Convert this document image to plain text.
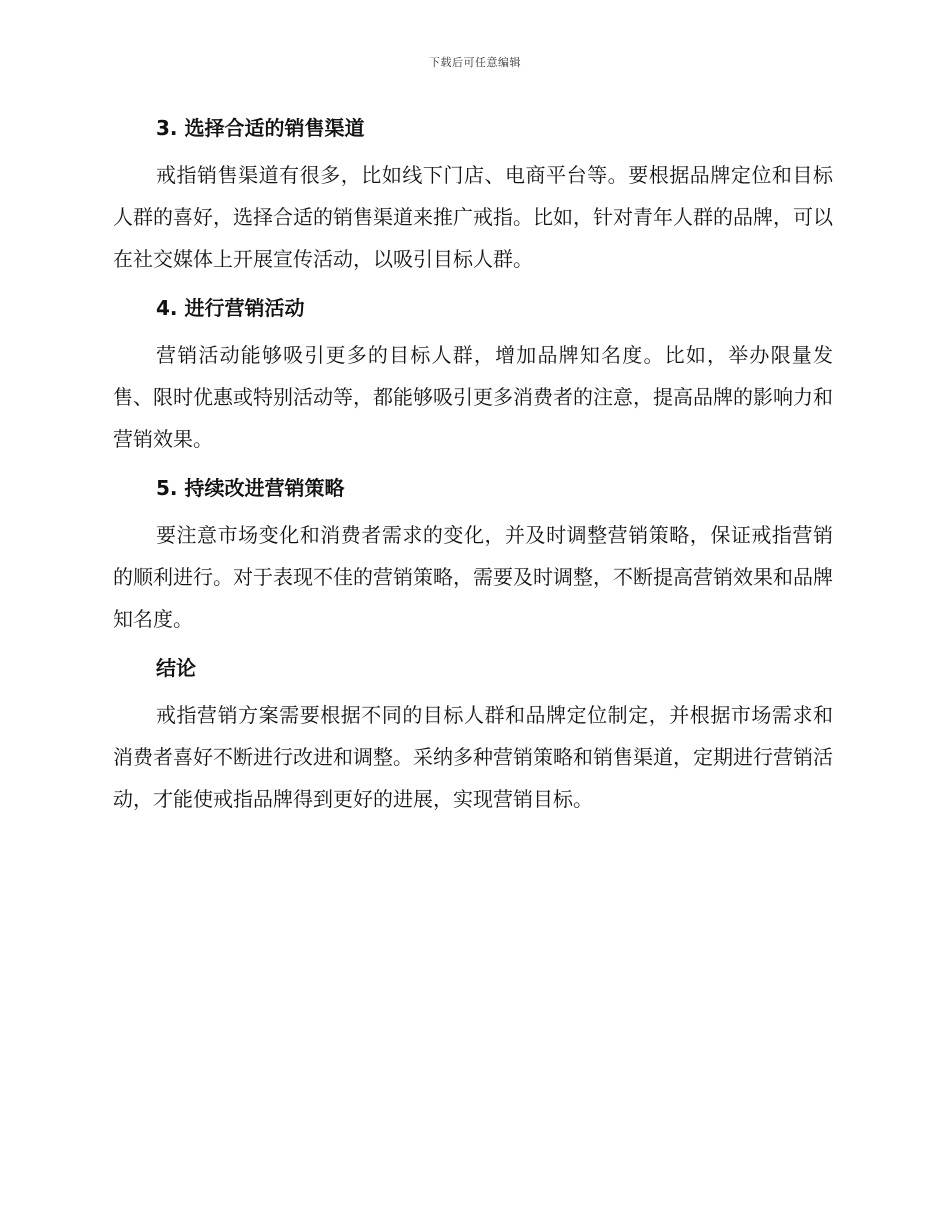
下载后可任意编辑
3. 选择合适的销售渠道

戒指销售渠道有很多，比如线下门店、电商平台等。要根据品牌定位和目标人群的喜好，选择合适的销售渠道来推广戒指。比如，针对青年人群的品牌，可以在社交媒体上开展宣传活动，以吸引目标人群。

4. 进行营销活动

营销活动能够吸引更多的目标人群，增加品牌知名度。比如，举办限量发售、限时优惠或特别活动等，都能够吸引更多消费者的注意，提高品牌的影响力和营销效果。

5. 持续改进营销策略

要注意市场变化和消费者需求的变化，并及时调整营销策略，保证戒指营销的顺利进行。对于表现不佳的营销策略，需要及时调整，不断提高营销效果和品牌知名度。

结论

戒指营销方案需要根据不同的目标人群和品牌定位制定，并根据市场需求和消费者喜好不断进行改进和调整。采纳多种营销策略和销售渠道，定期进行营销活动，才能使戒指品牌得到更好的进展，实现营销目标。
